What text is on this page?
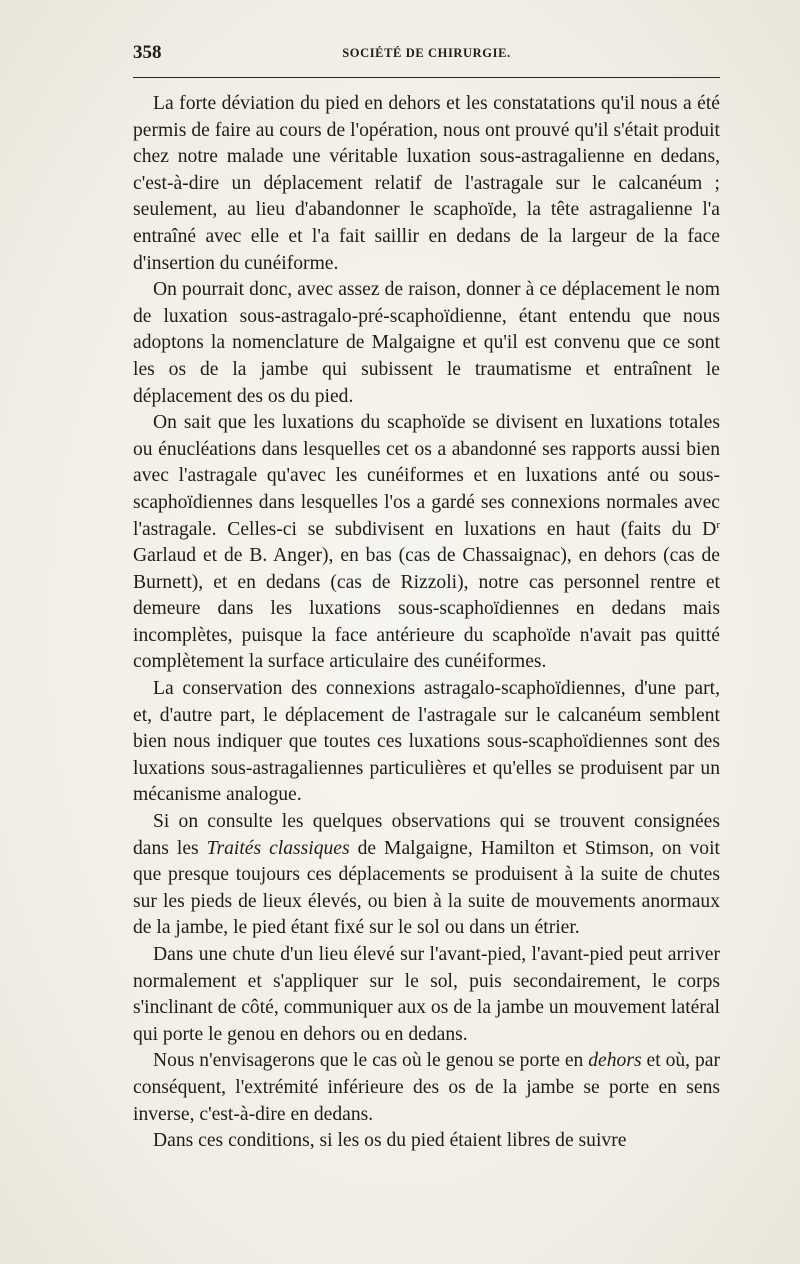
358	SOCIÉTÉ DE CHIRURGIE.

La forte déviation du pied en dehors et les constatations qu'il nous a été permis de faire au cours de l'opération, nous ont prouvé qu'il s'était produit chez notre malade une véritable luxation sous-astragalienne en dedans, c'est-à-dire un déplacement relatif de l'astragale sur le calcanéum ; seulement, au lieu d'abandonner le scaphoïde, la tête astragalienne l'a entraîné avec elle et l'a fait saillir en dedans de la largeur de la face d'insertion du cunéiforme.

On pourrait donc, avec assez de raison, donner à ce déplacement le nom de luxation sous-astragalo-pré-scaphoïdienne, étant entendu que nous adoptons la nomenclature de Malgaigne et qu'il est convenu que ce sont les os de la jambe qui subissent le traumatisme et entraînent le déplacement des os du pied.

On sait que les luxations du scaphoïde se divisent en luxations totales ou énucléations dans lesquelles cet os a abandonné ses rapports aussi bien avec l'astragale qu'avec les cunéiformes et en luxations anté ou sous-scaphoïdiennes dans lesquelles l'os a gardé ses connexions normales avec l'astragale. Celles-ci se subdivisent en luxations en haut (faits du $D^r$ Garlaud et de B. Anger), en bas (cas de Chassaignac), en dehors (cas de Burnett), et en dedans (cas de Rizzoli), notre cas personnel rentre et demeure dans les luxations sous-scaphoïdiennes en dedans mais incomplètes, puisque la face antérieure du scaphoïde n'avait pas quitté complètement la surface articulaire des cunéiformes.

La conservation des connexions astragalo-scaphoïdiennes, d'une part, et, d'autre part, le déplacement de l'astragale sur le calcanéum semblent bien nous indiquer que toutes ces luxations sous-scaphoïdiennes sont des luxations sous-astragaliennes particulières et qu'elles se produisent par un mécanisme analogue.

Si on consulte les quelques observations qui se trouvent consignées dans les Traités classiques de Malgaigne, Hamilton et Stimson, on voit que presque toujours ces déplacements se produisent à la suite de chutes sur les pieds de lieux élevés, ou bien à la suite de mouvements anormaux de la jambe, le pied étant fixé sur le sol ou dans un étrier.

Dans une chute d'un lieu élevé sur l'avant-pied, l'avant-pied peut arriver normalement et s'appliquer sur le sol, puis secondairement, le corps s'inclinant de côté, communiquer aux os de la jambe un mouvement latéral qui porte le genou en dehors ou en dedans.

Nous n'envisagerons que le cas où le genou se porte en dehors et où, par conséquent, l'extrémité inférieure des os de la jambe se porte en sens inverse, c'est-à-dire en dedans.

Dans ces conditions, si les os du pied étaient libres de suivre
